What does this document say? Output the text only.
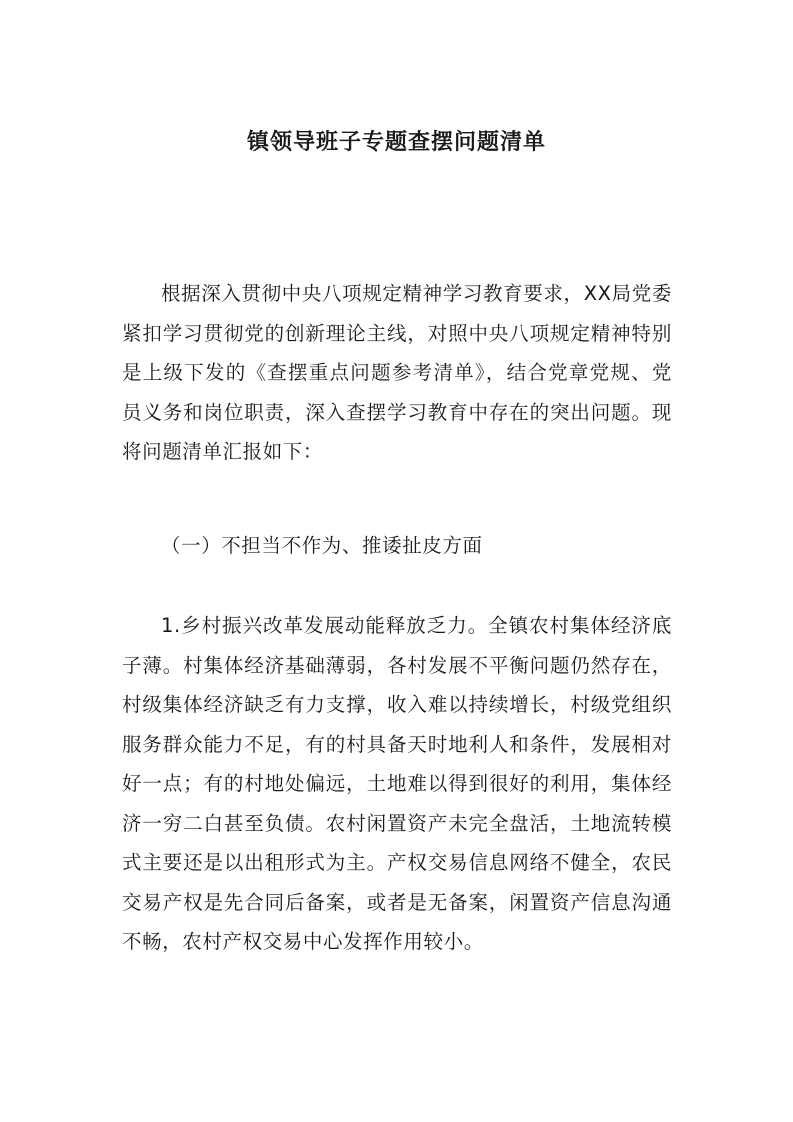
镇领导班子专题查摆问题清单

根据深入贯彻中央八项规定精神学习教育要求，XX局党委紧扣学习贯彻党的创新理论主线，对照中央八项规定精神特别是上级下发的《查摆重点问题参考清单》，结合党章党规、党员义务和岗位职责，深入查摆学习教育中存在的突出问题。现将问题清单汇报如下：

（一）不担当不作为、推诿扯皮方面

1.乡村振兴改革发展动能释放乏力。全镇农村集体经济底子薄。村集体经济基础薄弱，各村发展不平衡问题仍然存在，村级集体经济缺乏有力支撑，收入难以持续增长，村级党组织服务群众能力不足，有的村具备天时地利人和条件，发展相对好一点；有的村地处偏远，土地难以得到很好的利用，集体经济一穷二白甚至负债。农村闲置资产未完全盘活，土地流转模式主要还是以出租形式为主。产权交易信息网络不健全，农民交易产权是先合同后备案，或者是无备案，闲置资产信息沟通不畅，农村产权交易中心发挥作用较小。
